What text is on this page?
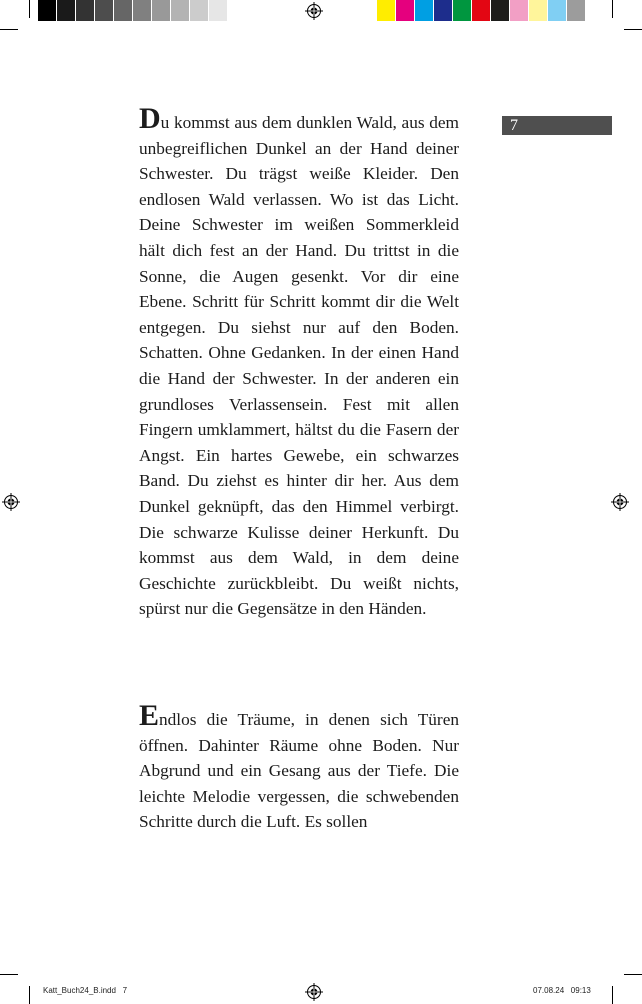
7

Du kommst aus dem dunklen Wald, aus dem unbegreiflichen Dunkel an der Hand deiner Schwester. Du trägst weiße Kleider. Den endlosen Wald verlassen. Wo ist das Licht. Deine Schwester im weißen Sommerkleid hält dich fest an der Hand. Du trittst in die Sonne, die Augen gesenkt. Vor dir eine Ebene. Schritt für Schritt kommt dir die Welt entgegen. Du siehst nur auf den Boden. Schatten. Ohne Gedanken. In der einen Hand die Hand der Schwester. In der anderen ein grundloses Verlassensein. Fest mit allen Fingern umklammert, hältst du die Fasern der Angst. Ein hartes Gewebe, ein schwarzes Band. Du ziehst es hinter dir her. Aus dem Dunkel geknüpft, das den Himmel verbirgt. Die schwarze Kulisse deiner Herkunft. Du kommst aus dem Wald, in dem deine Geschichte zurückbleibt. Du weißt nichts, spürst nur die Gegensätze in den Händen.

Endlos die Träume, in denen sich Türen öffnen. Dahinter Räume ohne Boden. Nur Abgrund und ein Gesang aus der Tiefe. Die leichte Melodie vergessen, die schwebenden Schritte durch die Luft. Es sollen

Katt_Buch24_B.indd   7	07.08.24   09:13
